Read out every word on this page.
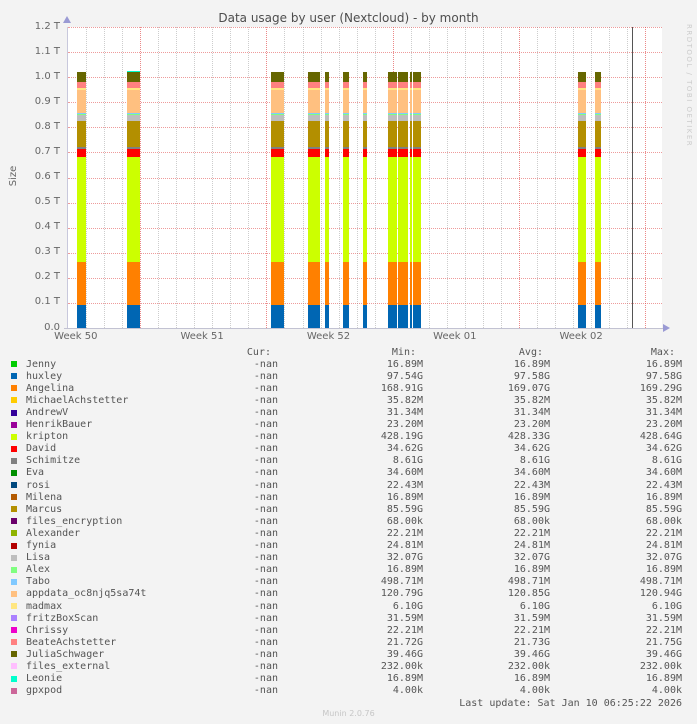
Data usage by user (Nextcloud) - by month
Size
RRDTOOL / TOBI OETIKER
1.2 T
1.1 T
1.0 T
0.9 T
0.8 T
0.7 T
0.6 T
0.5 T
0.4 T
0.3 T
0.2 T
0.1 T
0.0
Week 50	Week 51	Week 52	Week 01	Week 02
Cur:	Min:	Avg:	Max:
Jenny	-nan	16.89M	16.89M	16.89M
huxley	-nan	97.54G	97.58G	97.58G
Angelina	-nan	168.91G	169.07G	169.29G
MichaelAchstetter	-nan	35.82M	35.82M	35.82M
AndrewV	-nan	31.34M	31.34M	31.34M
HenrikBauer	-nan	23.20M	23.20M	23.20M
kripton	-nan	428.19G	428.33G	428.64G
David	-nan	34.62G	34.62G	34.62G
Schimitze	-nan	8.61G	8.61G	8.61G
Eva	-nan	34.60M	34.60M	34.60M
rosi	-nan	22.43M	22.43M	22.43M
Milena	-nan	16.89M	16.89M	16.89M
Marcus	-nan	85.59G	85.59G	85.59G
files_encryption	-nan	68.00k	68.00k	68.00k
Alexander	-nan	22.21M	22.21M	22.21M
fynia	-nan	24.81M	24.81M	24.81M
Lisa	-nan	32.07G	32.07G	32.07G
Alex	-nan	16.89M	16.89M	16.89M
Tabo	-nan	498.71M	498.71M	498.71M
appdata_oc8njq5sa74t	-nan	120.79G	120.85G	120.94G
madmax	-nan	6.10G	6.10G	6.10G
fritzBoxScan	-nan	31.59M	31.59M	31.59M
Chrissy	-nan	22.21M	22.21M	22.21M
BeateAchstetter	-nan	21.72G	21.73G	21.75G
JuliaSchwager	-nan	39.46G	39.46G	39.46G
files_external	-nan	232.00k	232.00k	232.00k
Leonie	-nan	16.89M	16.89M	16.89M
gpxpod	-nan	4.00k	4.00k	4.00k
Last update: Sat Jan 10 06:25:22 2026
Munin 2.0.76
